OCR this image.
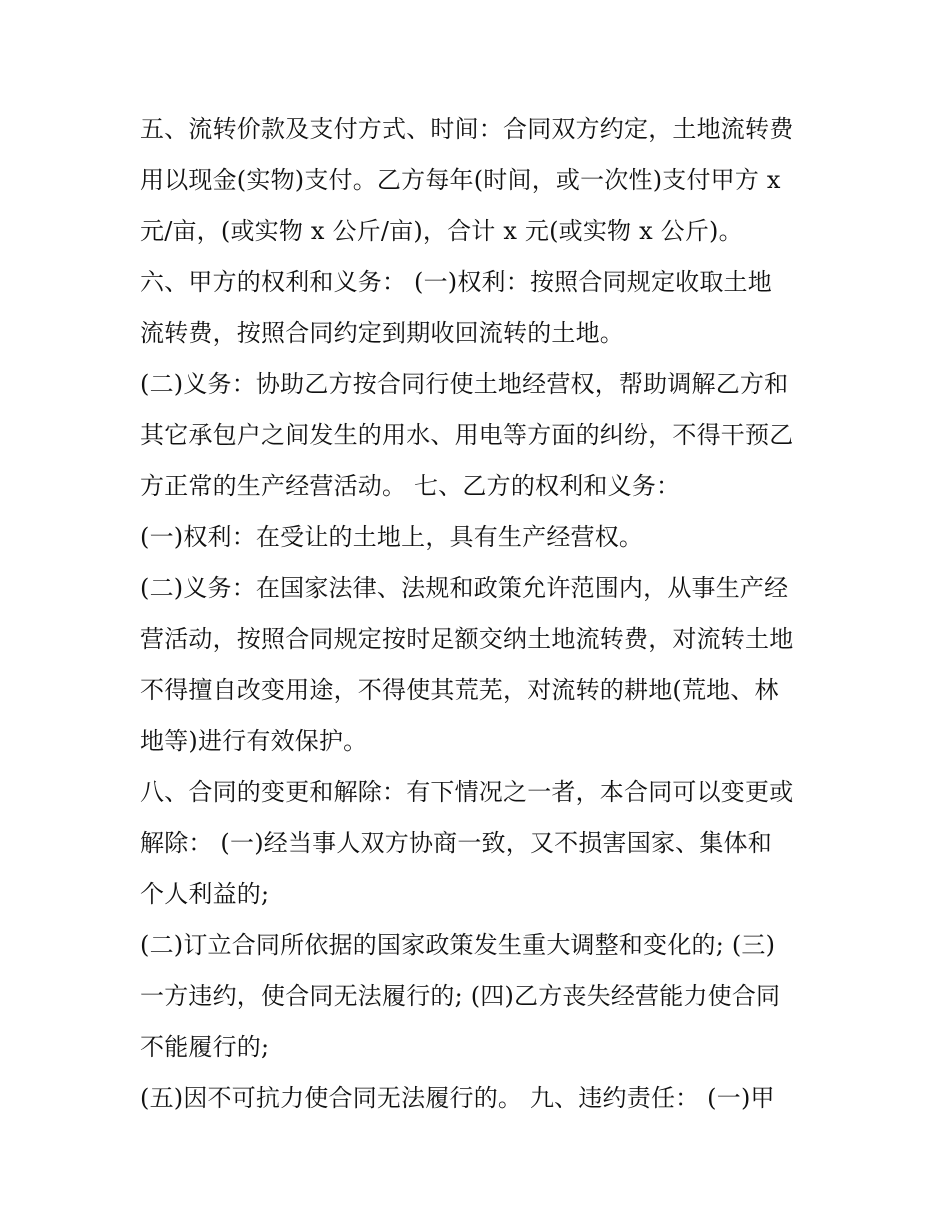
五、流转价款及支付方式、时间：合同双方约定，土地流转费
用以现金(实物)支付。乙方每年(时间，或一次性)支付甲方 x
元/亩，(或实物 x 公斤/亩)，合计 x 元(或实物 x 公斤)。
六、甲方的权利和义务： (一)权利：按照合同规定收取土地
流转费，按照合同约定到期收回流转的土地。
(二)义务：协助乙方按合同行使土地经营权，帮助调解乙方和
其它承包户之间发生的用水、用电等方面的纠纷，不得干预乙
方正常的生产经营活动。 七、乙方的权利和义务：
(一)权利：在受让的土地上，具有生产经营权。
(二)义务：在国家法律、法规和政策允许范围内，从事生产经
营活动，按照合同规定按时足额交纳土地流转费，对流转土地
不得擅自改变用途，不得使其荒芜，对流转的耕地(荒地、林
地等)进行有效保护。
八、合同的变更和解除：有下情况之一者，本合同可以变更或
解除： (一)经当事人双方协商一致，又不损害国家、集体和
个人利益的;
(二)订立合同所依据的国家政策发生重大调整和变化的; (三)
一方违约，使合同无法履行的; (四)乙方丧失经营能力使合同
不能履行的;
(五)因不可抗力使合同无法履行的。 九、违约责任： (一)甲
